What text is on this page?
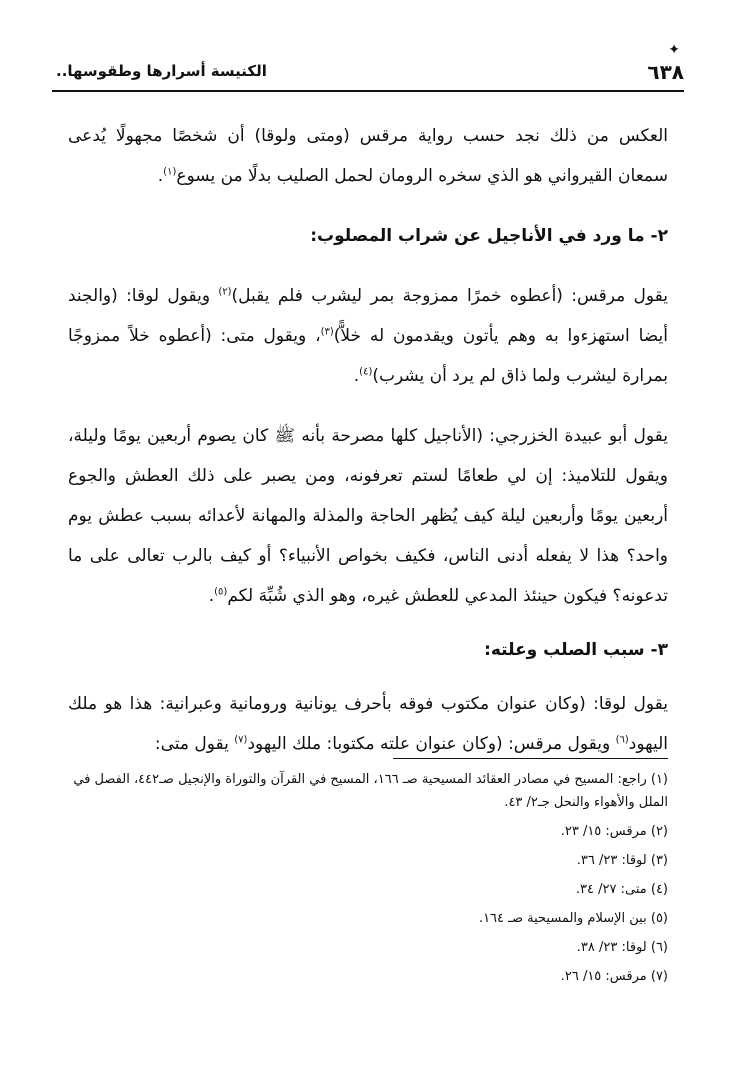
✦
٦٣٨
الكنيسة أسرارها وطقوسها..

العكس من ذلك نجد حسب رواية مرقس (ومتى ولوقا) أن شخصًا مجهولًا يُدعى سمعان القيرواني هو الذي سخره الرومان لحمل الصليب بدلًا من يسوع$^{(١)}$.

٢- ما ورد في الأناجيل عن شراب المصلوب:

يقول مرقس: (أعطوه خمرًا ممزوجة بمر ليشرب فلم يقبل)$^{(٢)}$ ويقول لوقا: (والجند أيضا استهزءوا به وهم يأتون ويقدمون له خلاًّ)$^{(٣)}$، ويقول متى: (أعطوه خلاً ممزوجًا بمرارة ليشرب ولما ذاق لم يرد أن يشرب)$^{(٤)}$.

يقول أبو عبيدة الخزرجي: (الأناجيل كلها مصرحة بأنه ﷺ كان يصوم أربعين يومًا وليلة، ويقول للتلاميذ: إن لي طعامًا لستم تعرفونه، ومن يصبر على ذلك العطش والجوع أربعين يومًا وأربعين ليلة كيف يُظهر الحاجة والمذلة والمهانة لأعدائه بسبب عطش يوم واحد؟ هذا لا يفعله أدنى الناس، فكيف بخواص الأنبياء؟ أو كيف بالرب تعالى على ما تدعونه؟ فيكون حينئذ المدعي للعطش غيره، وهو الذي شُبِّهَ لكم$^{(٥)}$.

٣- سبب الصلب وعلته:

يقول لوقا: (وكان عنوان مكتوب فوقه بأحرف يونانية ورومانية وعبرانية: هذا هو ملك اليهود$^{(٦)}$ ويقول مرقس: (وكان عنوان علته مكتوبا: ملك اليهود$^{(٧)}$ يقول متى:

(١) راجع: المسيح في مصادر العقائد المسيحية صـ ١٦٦، المسيح في القرآن والتوراة والإنجيل صـ٤٤٢، الفصل في الملل والأهواء والنحل جـ٢/ ٤٣.

(٢) مرقس: ١٥/ ٢٣.

(٣) لوقا: ٢٣/ ٣٦.

(٤) متى: ٢٧/ ٣٤.

(٥) بين الإسلام والمسيحية صـ ١٦٤.

(٦) لوقا: ٢٣/ ٣٨.

(٧) مرقس: ١٥/ ٢٦.
